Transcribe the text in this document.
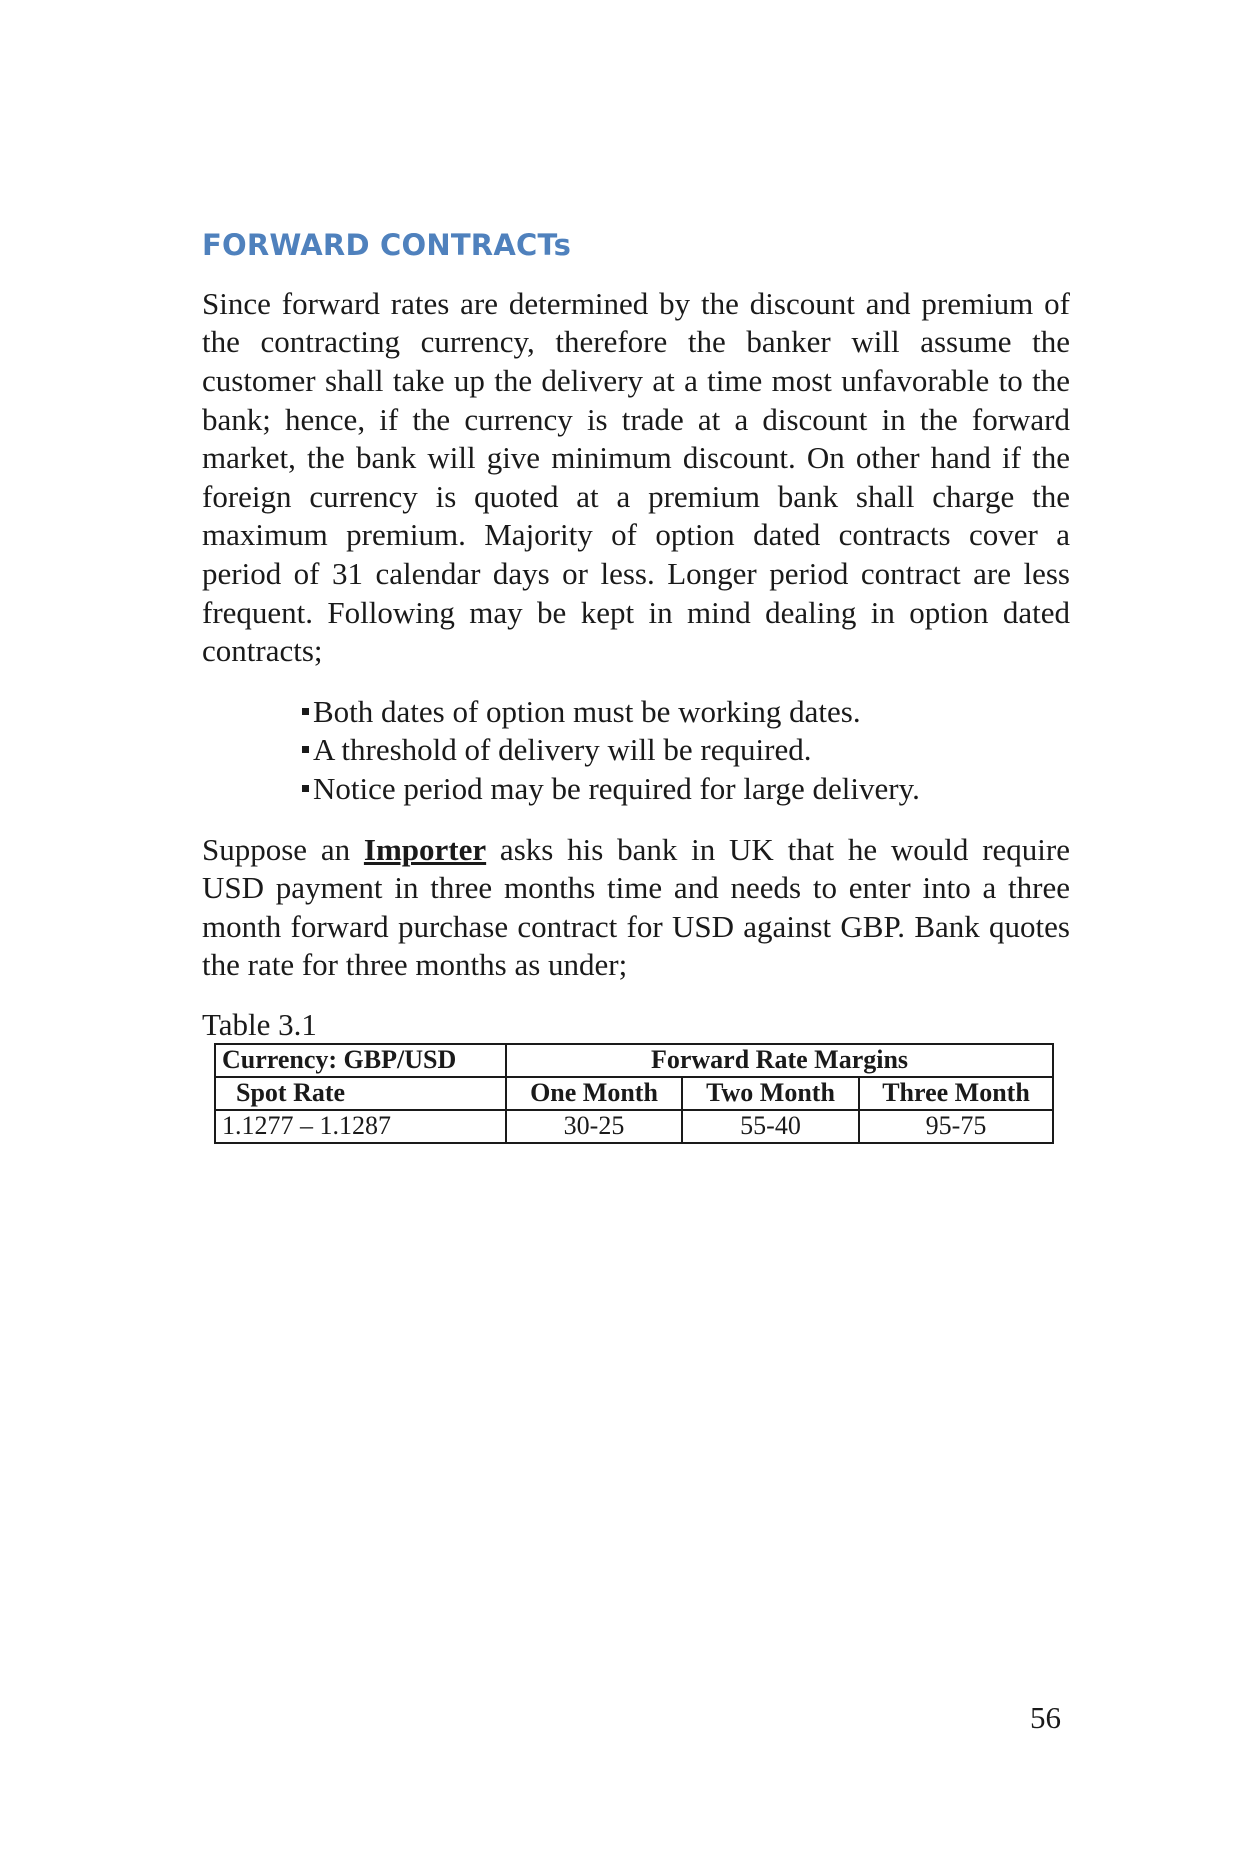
FORWARD CONTRACTs

Since forward rates are determined by the discount and premium of the contracting currency, therefore the banker will assume the customer shall take up the delivery at a time most unfavorable to the bank; hence, if the currency is trade at a discount in the forward market, the bank will give minimum discount. On other hand if the foreign currency is quoted at a premium bank shall charge the maximum premium. Majority of option dated contracts cover a period of 31 calendar days or less. Longer period contract are less frequent. Following may be kept in mind dealing in option dated contracts;

Both dates of option must be working dates.
A threshold of delivery will be required.
Notice period may be required for large delivery.

Suppose an Importer asks his bank in UK that he would require USD payment in three months time and needs to enter into a three month forward purchase contract for USD against GBP. Bank quotes the rate for three months as under;

Table 3.1
Currency: GBP/USD	Forward Rate Margins		
Spot Rate	One Month	Two Month	Three Month
1.1277 – 1.1287	30-25	55-40	95-75
56
